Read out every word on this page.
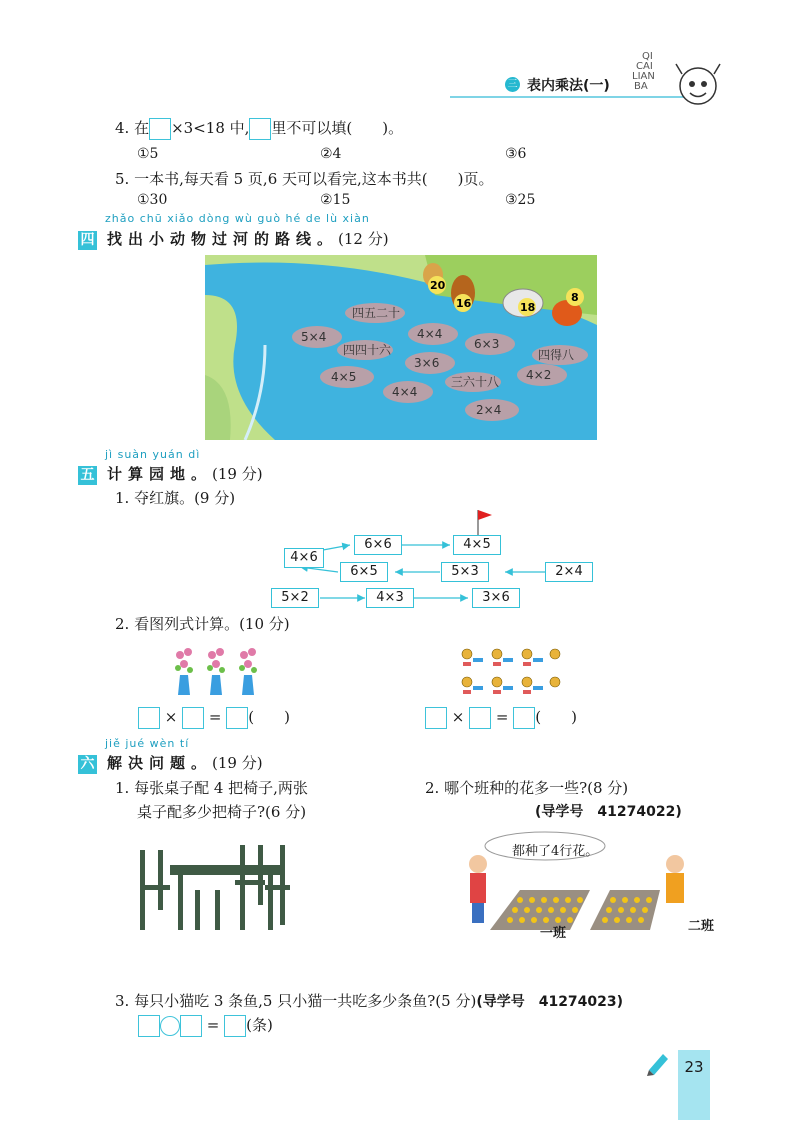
三 表内乘法(一)
QI
CAI
LIAN
BA
4. 在 ×3<18 中, 里不可以填(　　)。
①5	②4	③6
5. 一本书,每天看 5 页,6 天可以看完,这本书共(　　)页。
①30	②15	③25
zhǎo chū xiǎo dòng wù guò hé de lù xiàn
四 找出小动物过河的路线。(12 分)
四五二十
5×4	4×4
四四十六	6×3
四得八
3×6
4×5	三六十八 4×2
4×4
2×4
20
16	18
8
jì suàn yuán dì
五 计算园地。(19 分)
1. 夺红旗。(9 分)
4×6
6×6	4×5
6×5	5×3	2×4
5×2	4×3	3×6
2. 看图列式计算。(10 分)
× = (　　)	× = (　　)
jiě jué wèn tí
六 解决问题。(19 分)
1. 每张桌子配 4 把椅子,两张
桌子配多少把椅子?(6 分)
2. 哪个班种的花多一些?(8 分)
(导学号　41274022)
都种了4行花。
一班	二班
3. 每只小猫吃 3 条鱼,5 只小猫一共吃多少条鱼?(5 分)(导学号　41274023)
= (条)
23
